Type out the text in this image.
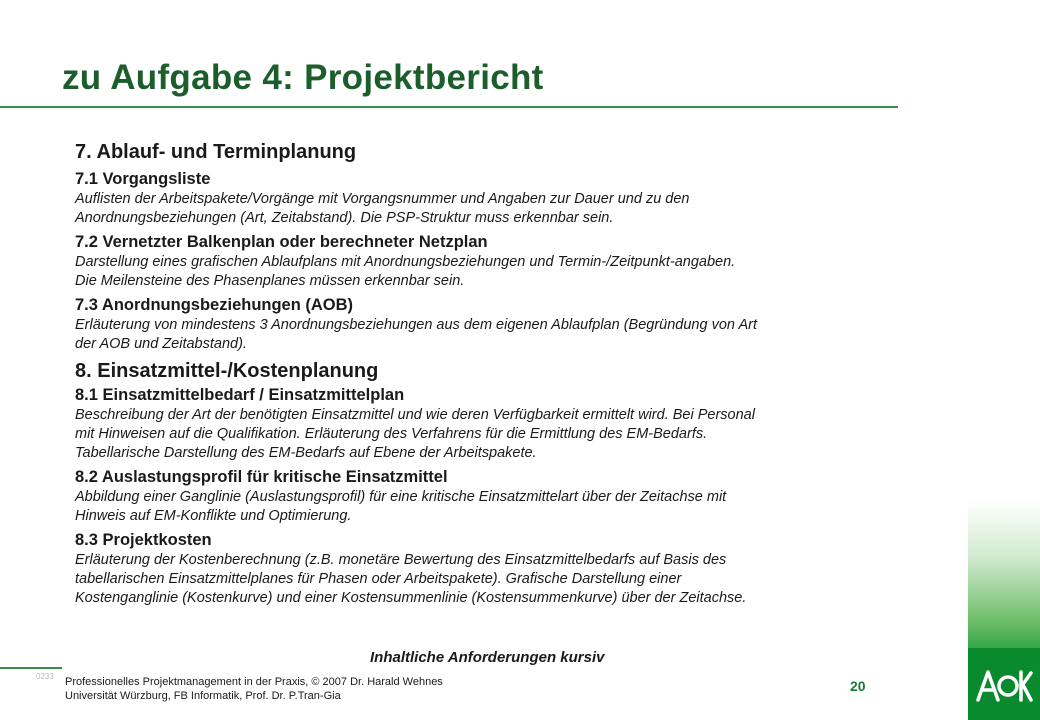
zu Aufgabe 4: Projektbericht
7. Ablauf- und Terminplanung
7.1 Vorgangsliste
Auflisten der Arbeitspakete/Vorgänge mit Vorgangsnummer und Angaben zur Dauer und zu den
Anordnungsbeziehungen (Art, Zeitabstand). Die PSP-Struktur muss erkennbar sein.
7.2 Vernetzter Balkenplan oder berechneter Netzplan
Darstellung eines grafischen Ablaufplans mit Anordnungsbeziehungen und Termin-/Zeitpunkt-angaben.
Die Meilensteine des Phasenplanes müssen erkennbar sein.
7.3 Anordnungsbeziehungen (AOB)
Erläuterung von mindestens 3 Anordnungsbeziehungen aus dem eigenen Ablaufplan (Begründung von Art
der AOB und Zeitabstand).
8. Einsatzmittel-/Kostenplanung
8.1 Einsatzmittelbedarf / Einsatzmittelplan
Beschreibung der Art der benötigten Einsatzmittel und wie deren Verfügbarkeit ermittelt wird. Bei Personal
mit Hinweisen auf die Qualifikation. Erläuterung des Verfahrens für die Ermittlung des EM-Bedarfs.
Tabellarische Darstellung des EM-Bedarfs auf Ebene der Arbeitspakete.
8.2 Auslastungsprofil für kritische Einsatzmittel
Abbildung einer Ganglinie (Auslastungsprofil) für eine kritische Einsatzmittelart über der Zeitachse mit
Hinweis auf EM-Konflikte und Optimierung.
8.3 Projektkosten
Erläuterung der Kostenberechnung (z.B. monetäre Bewertung des Einsatzmittelbedarfs auf Basis des
tabellarischen Einsatzmittelplanes für Phasen oder Arbeitspakete). Grafische Darstellung einer
Kostenganglinie (Kostenkurve) und einer Kostensummenlinie (Kostensummenkurve) über der Zeitachse.
Inhaltliche Anforderungen kursiv
0233 Professionelles Projektmanagement in der Praxis, © 2007 Dr. Harald Wehnes
Universität Würzburg, FB Informatik, Prof. Dr. P.Tran-Gia
20
